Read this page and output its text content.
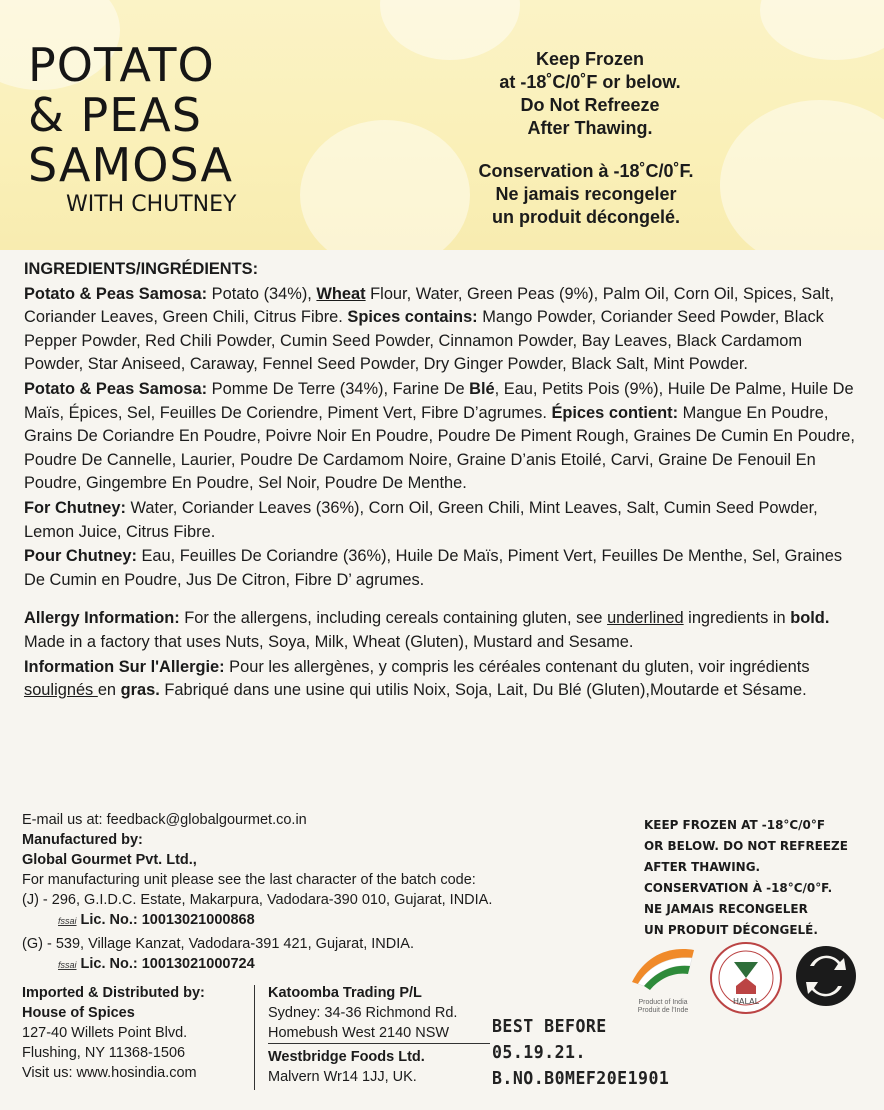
POTATO
& PEAS
SAMOSA
WITH CHUTNEY
Keep Frozen
at -18˚C/0˚F or below.
Do Not Refreeze
After Thawing.
Conservation à -18˚C/0˚F.
Ne jamais recongeler
un produit décongelé.

INGREDIENTS/INGRÉDIENTS:

Potato & Peas Samosa: Potato (34%), Wheat Flour, Water, Green Peas (9%), Palm Oil, Corn Oil, Spices, Salt, Coriander Leaves, Green Chili, Citrus Fibre. Spices contains: Mango Powder, Coriander Seed Powder, Black Pepper Powder, Red Chili Powder, Cumin Seed Powder, Cinnamon Powder, Bay Leaves, Black Cardamom Powder, Star Aniseed, Caraway, Fennel Seed Powder, Dry Ginger Powder, Black Salt, Mint Powder.

Potato & Peas Samosa: Pomme De Terre (34%), Farine De Blé, Eau, Petits Pois (9%), Huile De Palme, Huile De Maïs, Épices, Sel, Feuilles De Coriendre, Piment Vert, Fibre D’agrumes. Épices contient: Mangue En Poudre, Grains De Coriandre En Poudre, Poivre Noir En Poudre, Poudre De Piment Rough, Graines De Cumin En Poudre, Poudre De Cannelle, Laurier, Poudre De Cardamom Noire, Graine D’anis Etoilé, Carvi, Graine De Fenouil En Poudre, Gingembre En Poudre, Sel Noir, Poudre De Menthe.

For Chutney: Water, Coriander Leaves (36%), Corn Oil, Green Chili, Mint Leaves, Salt, Cumin Seed Powder, Lemon Juice, Citrus Fibre.

Pour Chutney: Eau, Feuilles De Coriandre (36%), Huile De Maïs, Piment Vert, Feuilles De Menthe, Sel, Graines De Cumin en Poudre, Jus De Citron, Fibre D’ agrumes.

Allergy Information: For the allergens, including cereals containing gluten, see underlined ingredients in bold. Made in a factory that uses Nuts, Soya, Milk, Wheat (Gluten), Mustard and Sesame.

Information Sur l'Allergie: Pour les allergènes, y compris les céréales contenant du gluten, voir ingrédients soulignés en gras. Fabriqué dans une usine qui utilis Noix, Soja, Lait, Du Blé (Gluten),Moutarde et Sésame.

E-mail us at: feedback@globalgourmet.co.in
Manufactured by:
Global Gourmet Pvt. Ltd.,
For manufacturing unit please see the last character of the batch code:
(J) - 296, G.I.D.C. Estate, Makarpura, Vadodara-390 010, Gujarat, INDIA.
fssai Lic. No.: 10013021000868
(G) - 539, Village Kanzat, Vadodara-391 421, Gujarat, INDIA.
fssai Lic. No.: 10013021000724
KEEP FROZEN AT -18°C/0°F
OR BELOW. DO NOT REFREEZE
AFTER THAWING.
CONSERVATION À -18°C/0°F.
NE JAMAIS RECONGELER
UN PRODUIT DÉCONGELÉ.
Product of India
Produit de l’Inde
HALAL
Imported & Distributed by:
House of Spices
127-40 Willets Point Blvd.
Flushing, NY 11368-1506
Visit us: www.hosindia.com
Katoomba Trading P/L
Sydney: 34-36 Richmond Rd.
Homebush West 2140 NSW
Westbridge Foods Ltd.
Malvern Wr14 1JJ, UK.
BEST BEFORE
05.19.21.
B.NO.B0MEF20E1901
